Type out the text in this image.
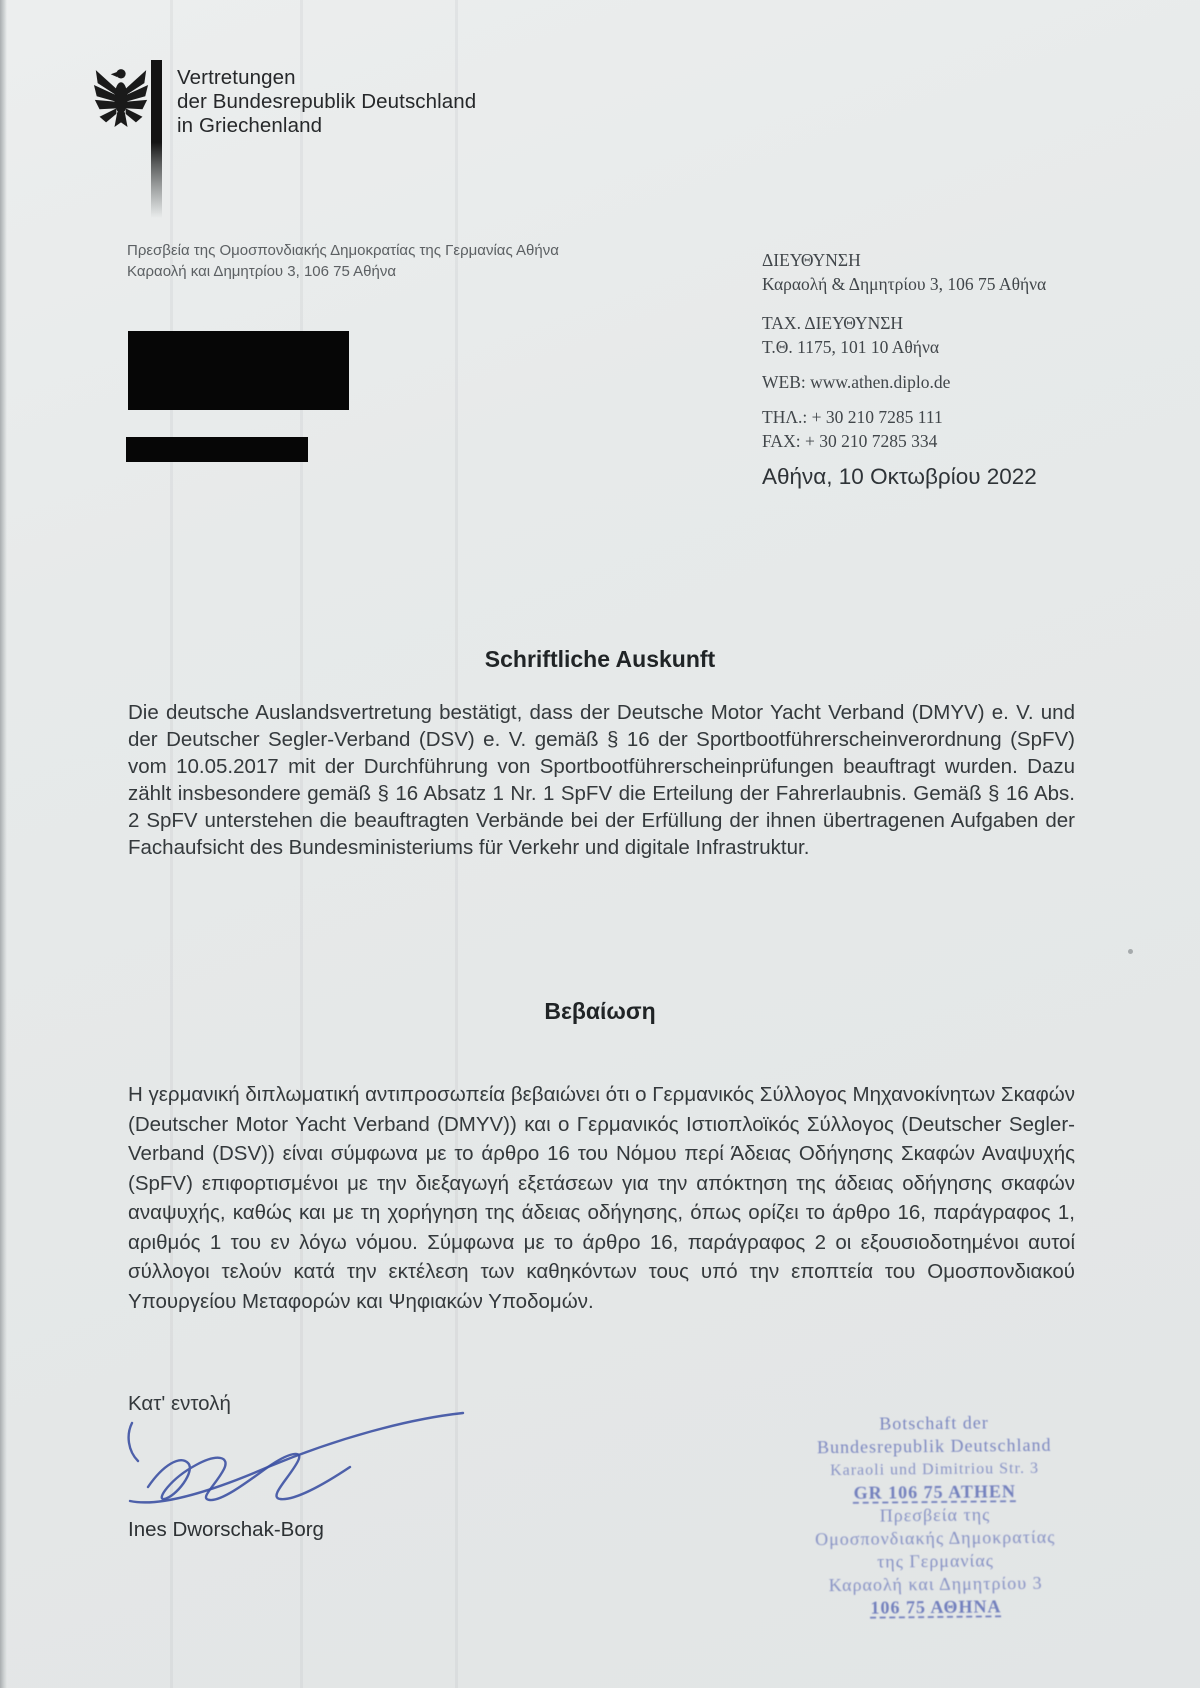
Vertretungen
der Bundesrepublik Deutschland
in Griechenland
Πρεσβεία της Ομοσπονδιακής Δημοκρατίας της Γερμανίας Αθήνα
Καραολή και Δημητρίου 3, 106 75 Αθήνα
ΔΙΕΥΘΥΝΣΗ
Καραολή & Δημητρίου 3, 106 75 Αθήνα
ΤΑΧ. ΔΙΕΥΘΥΝΣΗ
Τ.Θ. 1175, 101 10 Αθήνα
WEB: www.athen.diplo.de
ΤΗΛ.: + 30 210 7285 111
FAX: + 30 210 7285 334
Αθήνα, 10 Οκτωβρίου 2022
Schriftliche Auskunft
Die deutsche Auslandsvertretung bestätigt, dass der Deutsche Motor Yacht Verband (DMYV) e. V. und der Deutscher Segler-Verband (DSV) e. V. gemäß § 16 der Sportbootführerscheinverordnung (SpFV) vom 10.05.2017 mit der Durchführung von Sportbootführerscheinprüfungen beauftragt wurden. Dazu zählt insbesondere gemäß § 16 Absatz 1 Nr. 1 SpFV die Erteilung der Fahrerlaubnis. Gemäß § 16 Abs. 2 SpFV unterstehen die beauftragten Verbände bei der Erfüllung der ihnen übertragenen Aufgaben der Fachaufsicht des Bundesministeriums für Verkehr und digitale Infrastruktur.
Βεβαίωση
Η γερμανική διπλωματική αντιπροσωπεία βεβαιώνει ότι ο Γερμανικός Σύλλογος Μηχανοκίνητων Σκαφών (Deutscher Motor Yacht Verband (DMYV)) και ο Γερμανικός Ιστιοπλοϊκός Σύλλογος (Deutscher Segler-Verband (DSV)) είναι σύμφωνα με το άρθρο 16 του Νόμου περί Άδειας Οδήγησης Σκαφών Αναψυχής (SpFV) επιφορτισμένοι με την διεξαγωγή εξετάσεων για την απόκτηση της άδειας οδήγησης σκαφών αναψυχής, καθώς και με τη χορήγηση της άδειας οδήγησης, όπως ορίζει το άρθρο 16, παράγραφος 1, αριθμός 1 του εν λόγω νόμου. Σύμφωνα με το άρθρο 16, παράγραφος 2 οι εξουσιοδοτημένοι αυτοί σύλλογοι τελούν κατά την εκτέλεση των καθηκόντων τους υπό την εποπτεία του Ομοσπονδιακού Υπουργείου Μεταφορών και Ψηφιακών Υποδομών.
Κατ' εντολή
Ines Dworschak-Borg
Botschaft der
Bundesrepublik Deutschland
Karaoli und Dimitriou Str. 3
GR 106 75 ATHEN
Πρεσβεία της
Ομοσπονδιακής Δημοκρατίας
της Γερμανίας
Καραολή και Δημητρίου 3
106 75 ΑΘΗΝΑ
